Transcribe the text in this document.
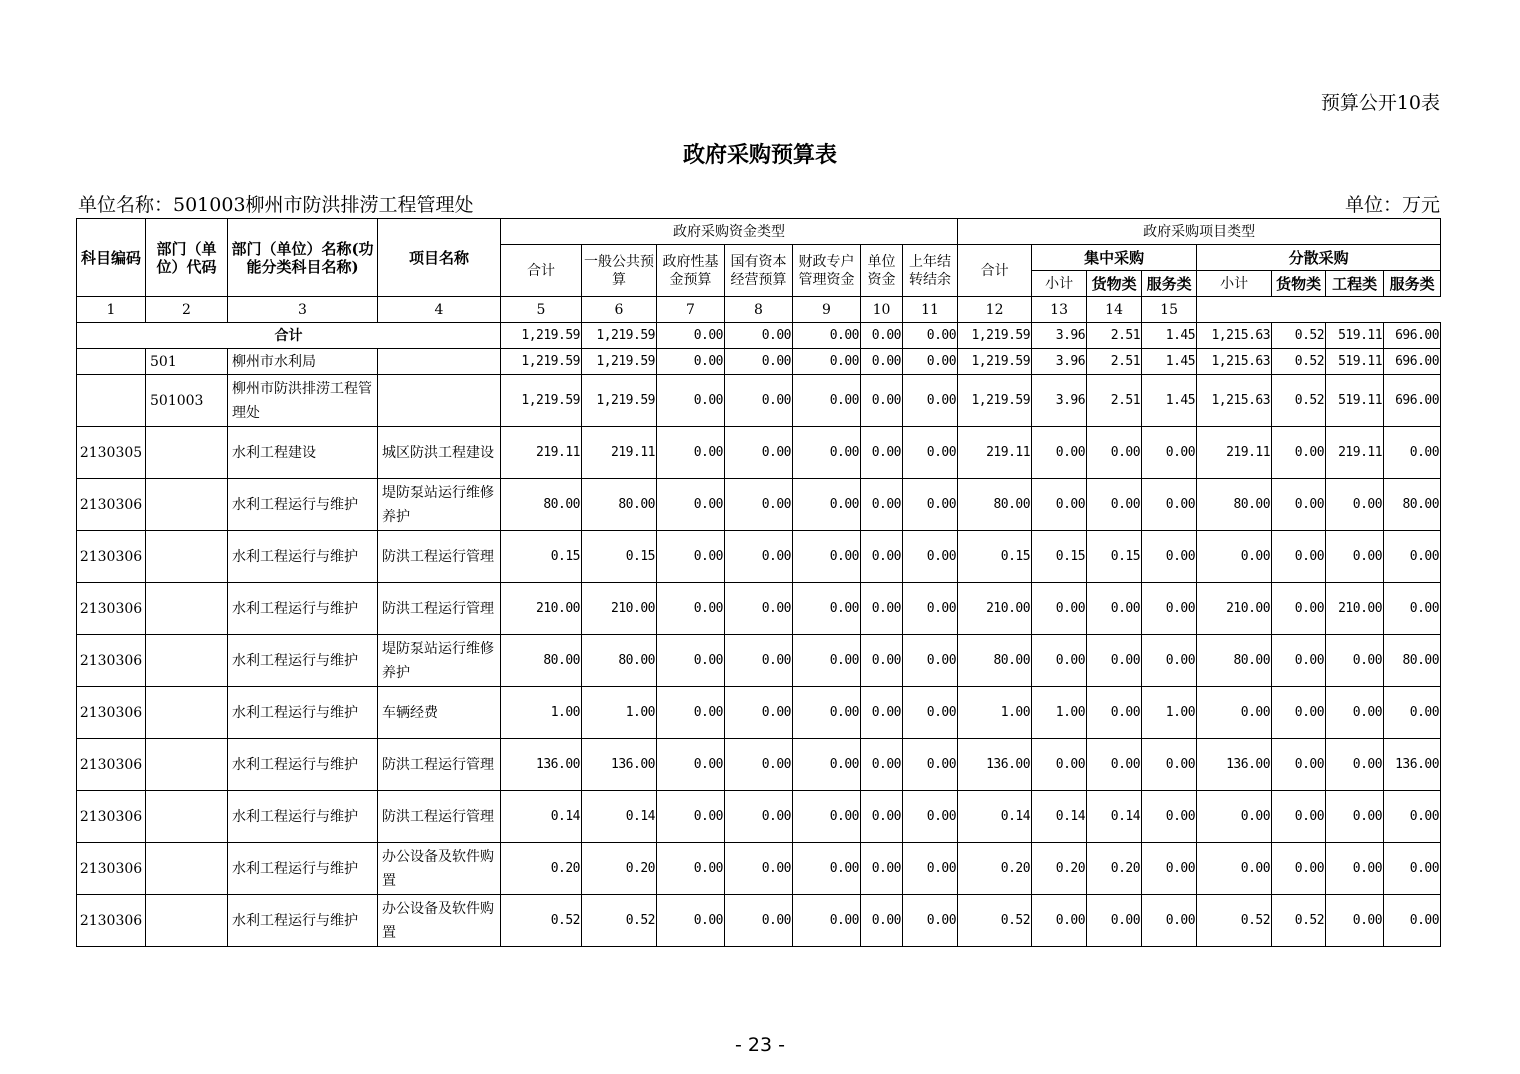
预算公开10表
政府采购预算表
单位名称：501003柳州市防洪排涝工程管理处	单位：万元
科目编码	部门（单位）代码	部门（单位）名称(功能分类科目名称)	项目名称	政府采购资金类型							政府采购项目类型							
				合计	一般公共预算	政府性基金预算	国有资本经营预算	财政专户管理资金	单位资金	上年结转结余	合计	集中采购			分散采购			
												小计	货物类	服务类	小计	货物类	工程类	服务类
1	2	3	4	5	6	7	8	9	10	11	12	13	14	15				
合计				1,219.59	1,219.59	0.00	0.00	0.00	0.00	0.00	1,219.59	3.96	2.51	1.45	1,215.63	0.52	519.11	696.00
	501	柳州市水利局		1,219.59	1,219.59	0.00	0.00	0.00	0.00	0.00	1,219.59	3.96	2.51	1.45	1,215.63	0.52	519.11	696.00
	501003	柳州市防洪排涝工程管理处		1,219.59	1,219.59	0.00	0.00	0.00	0.00	0.00	1,219.59	3.96	2.51	1.45	1,215.63	0.52	519.11	696.00
2130305		水利工程建设	城区防洪工程建设	219.11	219.11	0.00	0.00	0.00	0.00	0.00	219.11	0.00	0.00	0.00	219.11	0.00	219.11	0.00
2130306		水利工程运行与维护	堤防泵站运行维修养护	80.00	80.00	0.00	0.00	0.00	0.00	0.00	80.00	0.00	0.00	0.00	80.00	0.00	0.00	80.00
2130306		水利工程运行与维护	防洪工程运行管理	0.15	0.15	0.00	0.00	0.00	0.00	0.00	0.15	0.15	0.15	0.00	0.00	0.00	0.00	0.00
2130306		水利工程运行与维护	防洪工程运行管理	210.00	210.00	0.00	0.00	0.00	0.00	0.00	210.00	0.00	0.00	0.00	210.00	0.00	210.00	0.00
2130306		水利工程运行与维护	堤防泵站运行维修养护	80.00	80.00	0.00	0.00	0.00	0.00	0.00	80.00	0.00	0.00	0.00	80.00	0.00	0.00	80.00
2130306		水利工程运行与维护	车辆经费	1.00	1.00	0.00	0.00	0.00	0.00	0.00	1.00	1.00	0.00	1.00	0.00	0.00	0.00	0.00
2130306		水利工程运行与维护	防洪工程运行管理	136.00	136.00	0.00	0.00	0.00	0.00	0.00	136.00	0.00	0.00	0.00	136.00	0.00	0.00	136.00
2130306		水利工程运行与维护	防洪工程运行管理	0.14	0.14	0.00	0.00	0.00	0.00	0.00	0.14	0.14	0.14	0.00	0.00	0.00	0.00	0.00
2130306		水利工程运行与维护	办公设备及软件购置	0.20	0.20	0.00	0.00	0.00	0.00	0.00	0.20	0.20	0.20	0.00	0.00	0.00	0.00	0.00
2130306		水利工程运行与维护	办公设备及软件购置	0.52	0.52	0.00	0.00	0.00	0.00	0.00	0.52	0.00	0.00	0.00	0.52	0.52	0.00	0.00
- 23 -
